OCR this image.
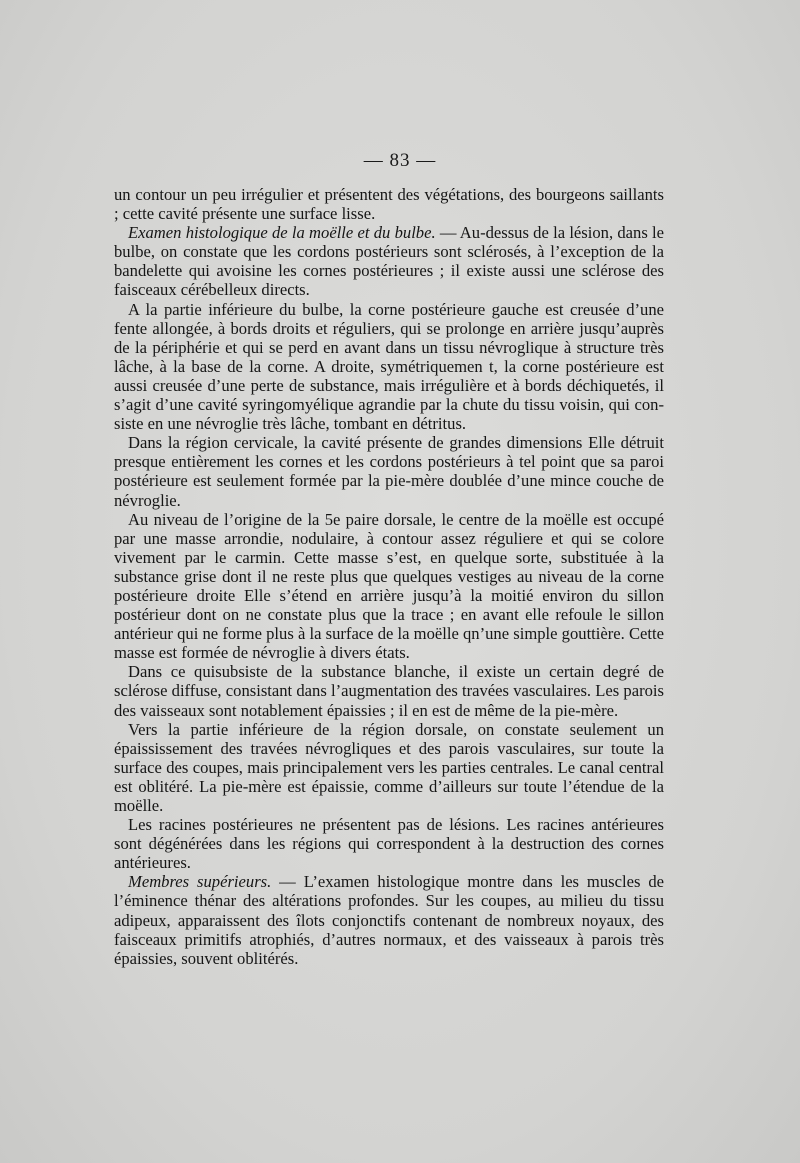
— 83 —

un contour un peu irrégulier et présentent des végétations, des bourgeons saillants ; cette cavité présente une surface lisse.

Examen histologique de la moëlle et du bulbe. — Au-dessus de la lésion, dans le bulbe, on constate que les cordons postérieurs sont sclérosés, à l’exception de la bandelette qui avoisine les cornes postérieures ; il existe aussi une sclérose des faisceaux cérébelleux directs.

A la partie inférieure du bulbe, la corne postérieure gauche est creusée d’une fente allongée, à bords droits et réguliers, qui se prolonge en arrière jusqu’auprès de la périphérie et qui se perd en avant dans un tissu névroglique à structure très lâche, à la base de la corne. A droite, symétriquemen t, la corne postérieure est aussi creusée d’une perte de substance, mais irrégulière et à bords déchiquetés, il s’agit d’une cavité syringomyélique agrandie par la chute du tissu voisin, qui consiste en une névroglie très lâche, tombant en détritus.

Dans la région cervicale, la cavité présente de grandes dimensions Elle détruit presque entièrement les cornes et les cordons postérieurs à tel point que sa paroi postérieure est seulement formée par la pie-mère doublée d’une mince couche de névroglie.

Au niveau de l’origine de la 5e paire dorsale, le centre de la moëlle est occupé par une masse arrondie, nodulaire, à contour assez réguliere et qui se colore vivement par le carmin. Cette masse s’est, en quelque sorte, substituée à la substance grise dont il ne reste plus que quelques vestiges au niveau de la corne postérieure droite Elle s’étend en arrière jusqu’à la moitié environ du sillon postérieur dont on ne constate plus que la trace ; en avant elle refoule le sillon antérieur qui ne forme plus à la surface de la moëlle qn’une simple gouttière. Cette masse est formée de névroglie à divers états.

Dans ce quisubsiste de la substance blanche, il existe un certain degré de sclérose diffuse, consistant dans l’augmentation des travées vasculaires. Les parois des vaisseaux sont notablement épaissies ; il en est de même de la pie-mère.

Vers la partie inférieure de la région dorsale, on constate seulement un épaississement des travées névrogliques et des parois vasculaires, sur toute la surface des coupes, mais principalement vers les parties centrales. Le canal central est oblitéré. La pie-mère est épaissie, comme d’ailleurs sur toute l’étendue de la moëlle.

Les racines postérieures ne présentent pas de lésions. Les racines antérieures sont dégénérées dans les régions qui correspondent à la destruction des cornes antérieures.

Membres supérieurs. — L’examen histologique montre dans les muscles de l’éminence thénar des altérations profondes. Sur les coupes, au milieu du tissu adipeux, apparaissent des îlots conjonctifs contenant de nombreux noyaux, des faisceaux primitifs atrophiés, d’autres normaux, et des vaisseaux à parois très épaissies, souvent oblitérés.
